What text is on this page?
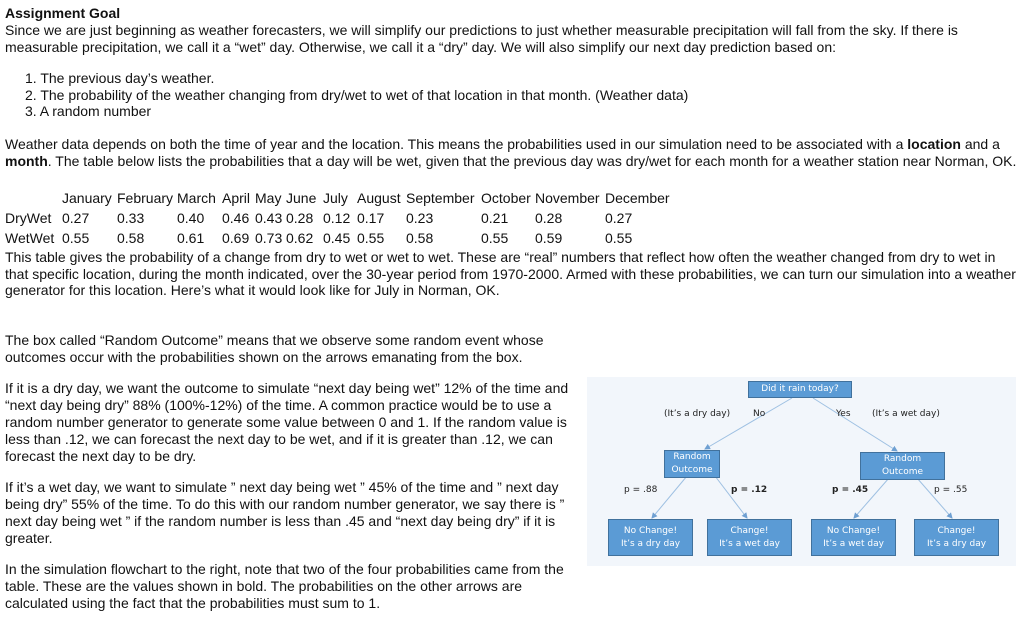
Assignment Goal
Since we are just beginning as weather forecasters, we will simplify our predictions to just whether measurable precipitation will fall from the sky. If there is measurable precipitation, we call it a “wet” day. Otherwise, we call it a “dry” day. We will also simplify our next day prediction based on:
1. The previous day’s weather.
2. The probability of the weather changing from dry/wet to wet of that location in that month. (Weather data)
3. A random number
Weather data depends on both the time of year and the location. This means the probabilities used in our simulation need to be associated with a location and a month. The table below lists the probabilities that a day will be wet, given that the previous day was dry/wet for each month for a weather station near Norman, OK.
	January	February	March	April	May	June	July	August	September	October	November	December
DryWet	0.27	0.33	0.40	0.46	0.43	0.28	0.12	0.17	0.23	0.21	0.28	0.27
WetWet	0.55	0.58	0.61	0.69	0.73	0.62	0.45	0.55	0.58	0.55	0.59	0.55
This table gives the probability of a change from dry to wet or wet to wet. These are “real” numbers that reflect how often the weather changed from dry to wet in that specific location, during the month indicated, over the 30-year period from 1970-2000. Armed with these probabilities, we can turn our simulation into a weather generator for this location. Here’s what it would look like for July in Norman, OK.
The box called “Random Outcome” means that we observe some random event whose outcomes occur with the probabilities shown on the arrows emanating from the box.
If it is a dry day, we want the outcome to simulate “next day being wet” 12% of the time and “next day being dry” 88% (100%-12%) of the time. A common practice would be to use a random number generator to generate some value between 0 and 1. If the random value is less than .12, we can forecast the next day to be wet, and if it is greater than .12, we can forecast the next day to be dry.
If it’s a wet day, we want to simulate ” next day being wet ” 45% of the time and ” next day being dry” 55% of the time. To do this with our random number generator, we say there is ” next day being wet ” if the random number is less than .45 and “next day being dry” if it is greater.
In the simulation flowchart to the right, note that two of the four probabilities came from the table. These are the values shown in bold. The probabilities on the other arrows are calculated using the fact that the probabilities must sum to 1.
Did it rain today?
(It’s a dry day)	No	Yes (It’s a wet day)
Random
Outcome
Random
Outcome
p = .88	p = .12	p = .45	p = .55
No Change!
It’s a dry day
Change!
It’s a wet day
No Change!
It’s a wet day
Change!
It’s a dry day
